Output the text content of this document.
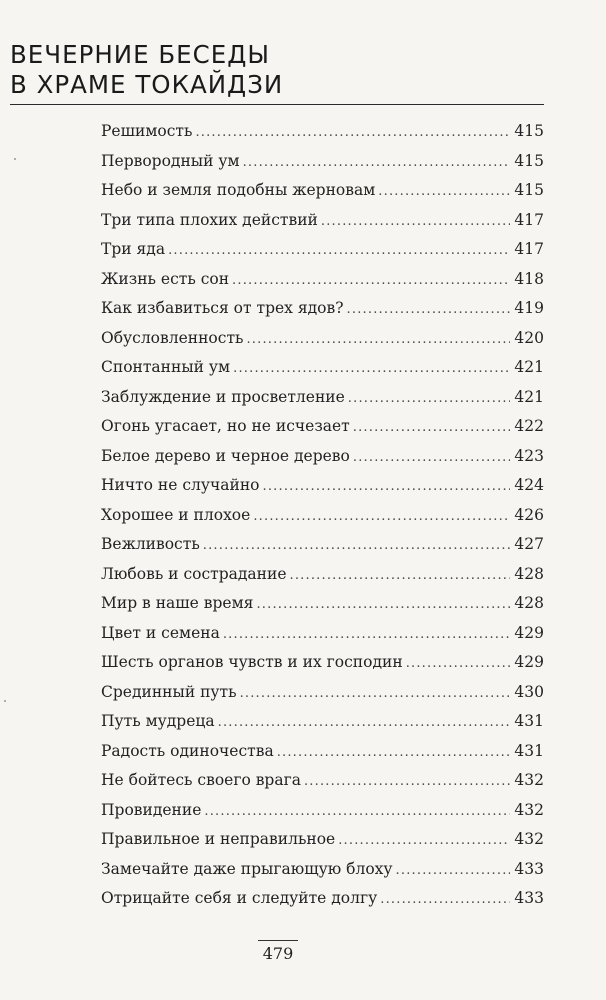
ВЕЧЕРНИЕ БЕСЕДЫ
В ХРАМЕ ТОКАЙДЗИ
Решимость .....	415
Первородный ум .....	415
Небо и земля подобны жерновам .....	415
Три типа плохих действий .....	417
Три яда .....	417
Жизнь есть сон .....	418
Как избавиться от трех ядов? .....	419
Обусловленность .....	420
Спонтанный ум .....	421
Заблуждение и просветление .....	421
Огонь угасает, но не исчезает .....	422
Белое дерево и черное дерево .....	423
Ничто не случайно .....	424
Хорошее и плохое .....	426
Вежливость .....	427
Любовь и сострадание .....	428
Мир в наше время .....	428
Цвет и семена .....	429
Шесть органов чувств и их господин .....	429
Срединный путь .....	430
Путь мудреца .....	431
Радость одиночества .....	431
Не бойтесь своего врага .....	432
Провидение .....	432
Правильное и неправильное .....	432
Замечайте даже прыгающую блоху .....	433
Отрицайте себя и следуйте долгу .....	433
479
